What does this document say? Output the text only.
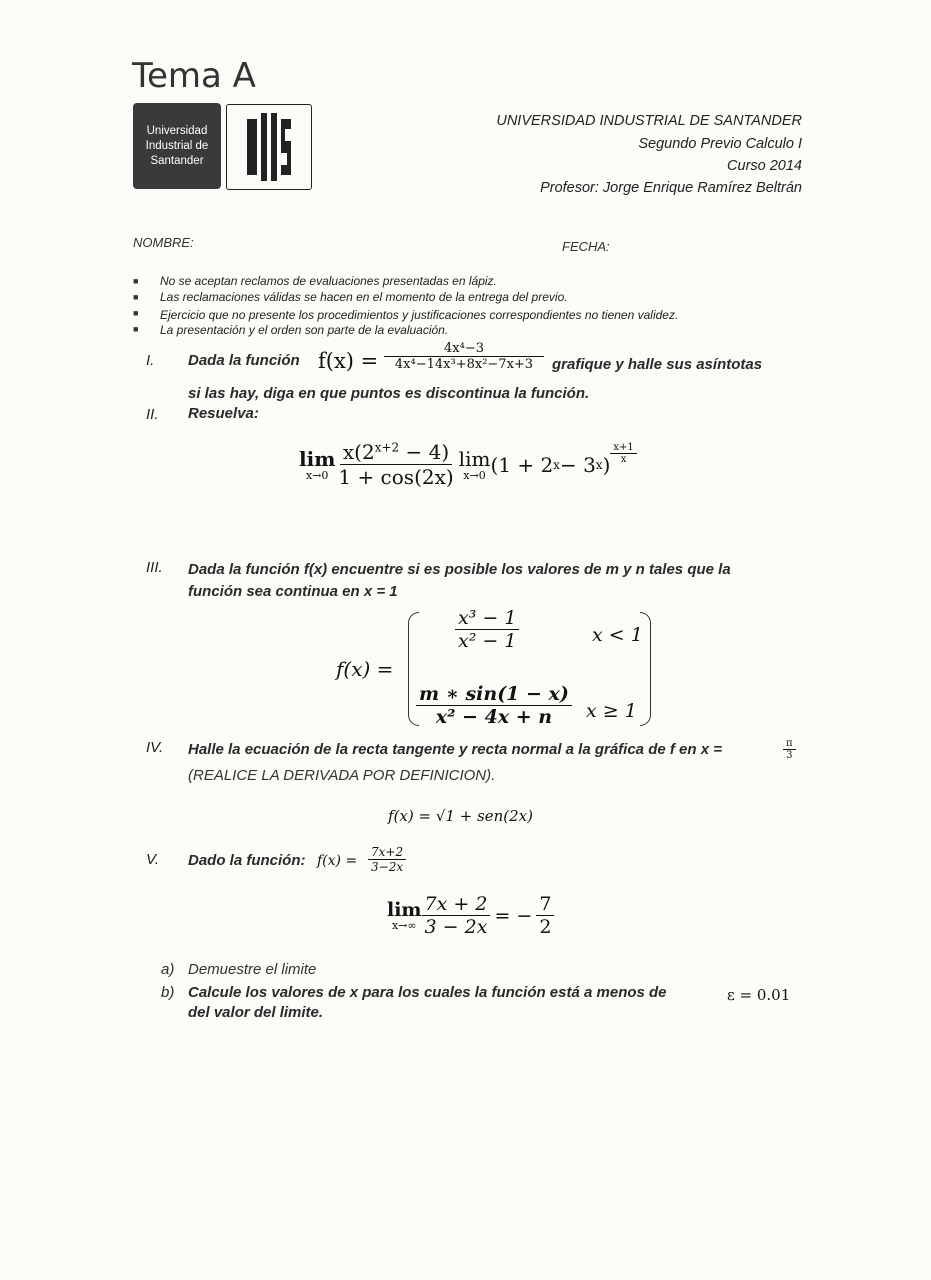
Tema A
Universidad
Industrial de
Santander
UNIVERSIDAD INDUSTRIAL DE SANTANDER
Segundo Previo Calculo I
Curso 2014
Profesor: Jorge Enrique Ramírez Beltrán
NOMBRE:	FECHA:
■ No se aceptan reclamos de evaluaciones presentadas en lápiz.
■ Las reclamaciones válidas se hacen en el momento de la entrega del previo.
■ Ejercicio que no presente los procedimientos y justificaciones correspondientes no tienen validez.
■ La presentación y el orden son parte de la evaluación.
I. Dada la función $f(x) = \frac{\text{4x⁴−3}}{\text{4x⁴−14x³+8x²−7x+3}}$ grafique y halle sus asíntotas
si las hay, diga en que puntos es discontinua la función.
II. Resuelva:
lim
$x\to 0 \frac{x(2^{x+2} - 4)}{1 + \cos(2x)}$ lim
x→0 (1 + 2 x − 3 x ) $\frac{x+1}{x}$
III. Dada la función f(x) encuentre si es posible los valores de m y n tales que la
función sea continua en x = 1
f(x) =
$\frac{\text{x³ − 1}}{\text{x² − 1}}$	x < 1
$\frac{m ∗ \sin(1 - x)}{\text{x² − 4x + n}}$ x ≥ 1
IV. Halle la ecuación de la recta tangente y recta normal a la gráfica de f en x =	$\frac{\pi}{3}$
(REALICE LA DERIVADA POR DEFINICION).
f(x) = √1 + sen(2x)
V. Dado la función: $f(x) = \frac{7x+2}{3-2x}$
lim
$x\to\infty \frac{7x + 2}{3 - 2x}$ = − $\frac{7}{2}$
a) Demuestre el limite
b) Calcule los valores de x para los cuales la función está a menos de	ε = 0.01
del valor del limite.
